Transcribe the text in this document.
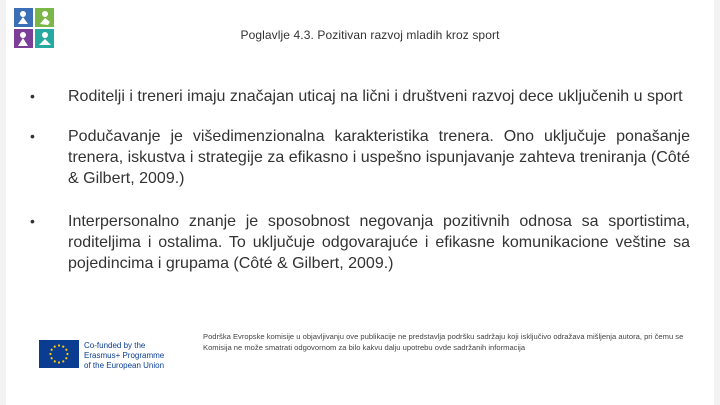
Poglavlje 4.3. Pozitivan razvoj mladih kroz sport
• Roditelji i treneri imaju značajan uticaj na lični i društveni razvoj dece uključenih u sport
• Podučavanje je višedimenzionalna karakteristika trenera. Ono uključuje ponašanje trenera, iskustva i strategije za efikasno i uspešno ispunjavanje zahteva treniranja (Côté & Gilbert, 2009.)
• Interpersonalno znanje je sposobnost negovanja pozitivnih odnosa sa sportistima, roditeljima i ostalima. To uključuje odgovarajuće i efikasne komunikacione veštine sa pojedincima i grupama (Côté & Gilbert, 2009.)
Co-funded by the
Erasmus+ Programme
of the European Union
Podrška Evropske komisije u objavljivanju ove publikacije ne predstavlja podršku sadržaju koji isključivo odražava mišljenja autora, pri čemu se Komisija ne može smatrati odgovornom za bilo kakvu dalju upotrebu ovde sadržanih informacija
